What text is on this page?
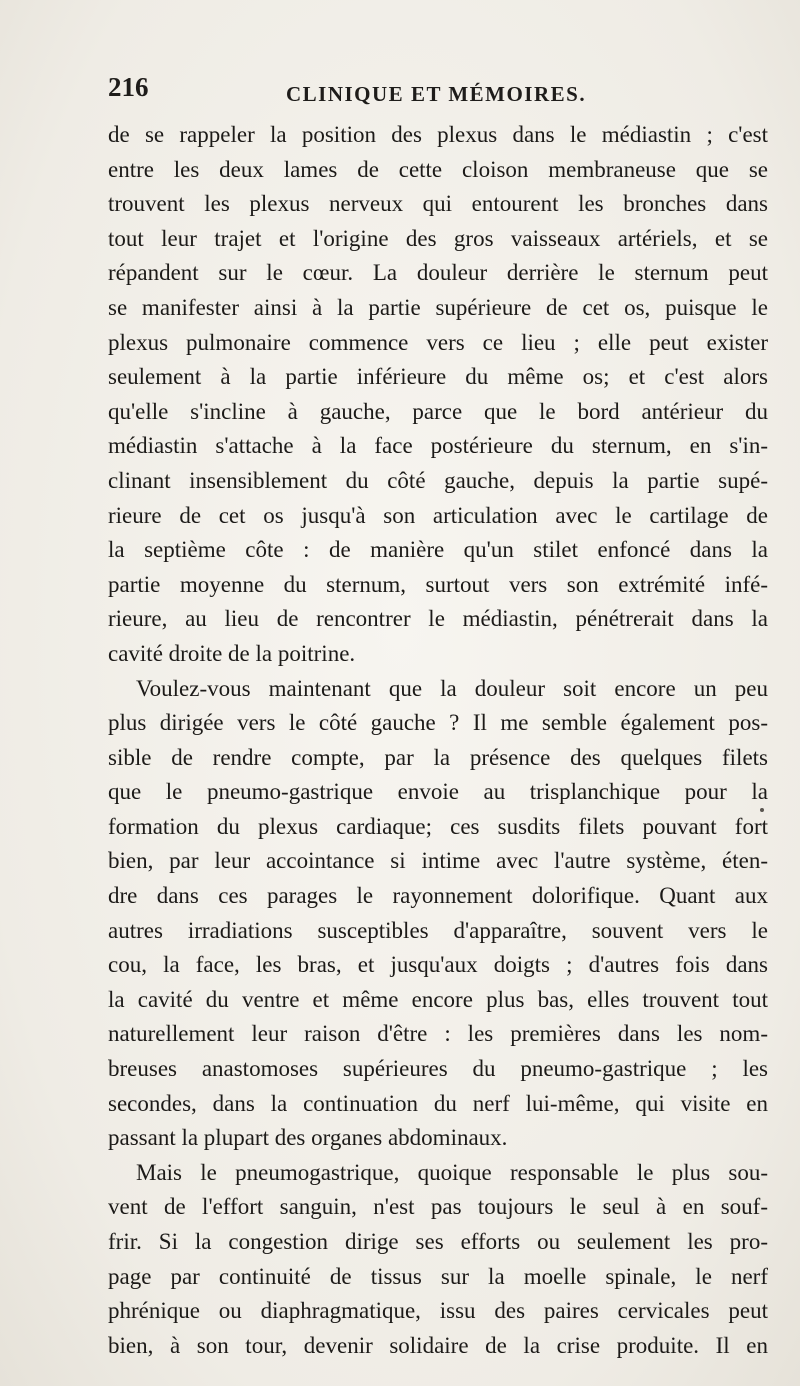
216	CLINIQUE ET MÉMOIRES.
de se rappeler la position des plexus dans le médiastin ; c'est
entre les deux lames de cette cloison membraneuse que se
trouvent les plexus nerveux qui entourent les bronches dans
tout leur trajet et l'origine des gros vaisseaux artériels, et se
répandent sur le cœur. La douleur derrière le sternum peut
se manifester ainsi à la partie supérieure de cet os, puisque le
plexus pulmonaire commence vers ce lieu ; elle peut exister
seulement à la partie inférieure du même os; et c'est alors
qu'elle s'incline à gauche, parce que le bord antérieur du
médiastin s'attache à la face postérieure du sternum, en s'in-
clinant insensiblement du côté gauche, depuis la partie supé-
rieure de cet os jusqu'à son articulation avec le cartilage de
la septième côte : de manière qu'un stilet enfoncé dans la
partie moyenne du sternum, surtout vers son extrémité infé-
rieure, au lieu de rencontrer le médiastin, pénétrerait dans la
cavité droite de la poitrine.
Voulez-vous maintenant que la douleur soit encore un peu
plus dirigée vers le côté gauche ? Il me semble également pos-
sible de rendre compte, par la présence des quelques filets
que le pneumo-gastrique envoie au trisplanchique pour la
formation du plexus cardiaque; ces susdits filets pouvant fort
bien, par leur accointance si intime avec l'autre système, éten-
dre dans ces parages le rayonnement dolorifique. Quant aux
autres irradiations susceptibles d'apparaître, souvent vers le
cou, la face, les bras, et jusqu'aux doigts ; d'autres fois dans
la cavité du ventre et même encore plus bas, elles trouvent tout
naturellement leur raison d'être : les premières dans les nom-
breuses anastomoses supérieures du pneumo-gastrique ; les
secondes, dans la continuation du nerf lui-même, qui visite en
passant la plupart des organes abdominaux.
Mais le pneumogastrique, quoique responsable le plus sou-
vent de l'effort sanguin, n'est pas toujours le seul à en souf-
frir. Si la congestion dirige ses efforts ou seulement les pro-
page par continuité de tissus sur la moelle spinale, le nerf
phrénique ou diaphragmatique, issu des paires cervicales peut
bien, à son tour, devenir solidaire de la crise produite. Il en
